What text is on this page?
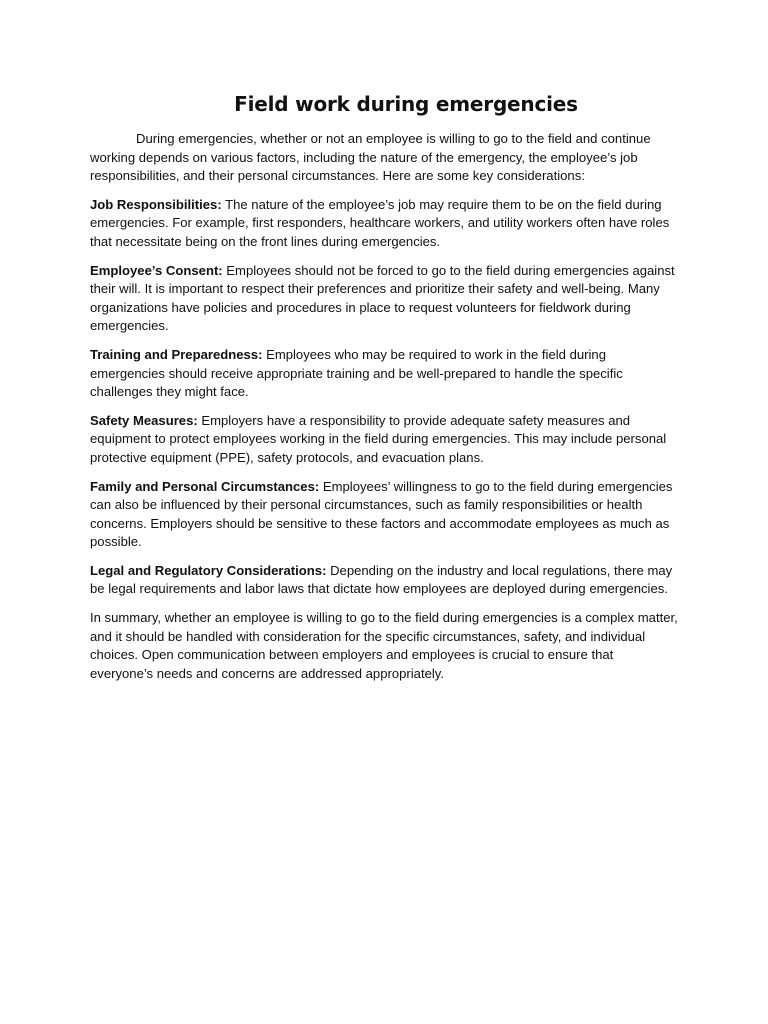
Field work during emergencies

During emergencies, whether or not an employee is willing to go to the field and continue working depends on various factors, including the nature of the emergency, the employee’s job responsibilities, and their personal circumstances. Here are some key considerations:

Job Responsibilities: The nature of the employee’s job may require them to be on the field during emergencies. For example, first responders, healthcare workers, and utility workers often have roles that necessitate being on the front lines during emergencies.

Employee’s Consent: Employees should not be forced to go to the field during emergencies against their will. It is important to respect their preferences and prioritize their safety and well-being. Many organizations have policies and procedures in place to request volunteers for fieldwork during emergencies.

Training and Preparedness: Employees who may be required to work in the field during emergencies should receive appropriate training and be well-prepared to handle the specific challenges they might face.

Safety Measures: Employers have a responsibility to provide adequate safety measures and equipment to protect employees working in the field during emergencies. This may include personal protective equipment (PPE), safety protocols, and evacuation plans.

Family and Personal Circumstances: Employees’ willingness to go to the field during emergencies can also be influenced by their personal circumstances, such as family responsibilities or health concerns. Employers should be sensitive to these factors and accommodate employees as much as possible.

Legal and Regulatory Considerations: Depending on the industry and local regulations, there may be legal requirements and labor laws that dictate how employees are deployed during emergencies.

In summary, whether an employee is willing to go to the field during emergencies is a complex matter, and it should be handled with consideration for the specific circumstances, safety, and individual choices. Open communication between employers and employees is crucial to ensure that everyone’s needs and concerns are addressed appropriately.
